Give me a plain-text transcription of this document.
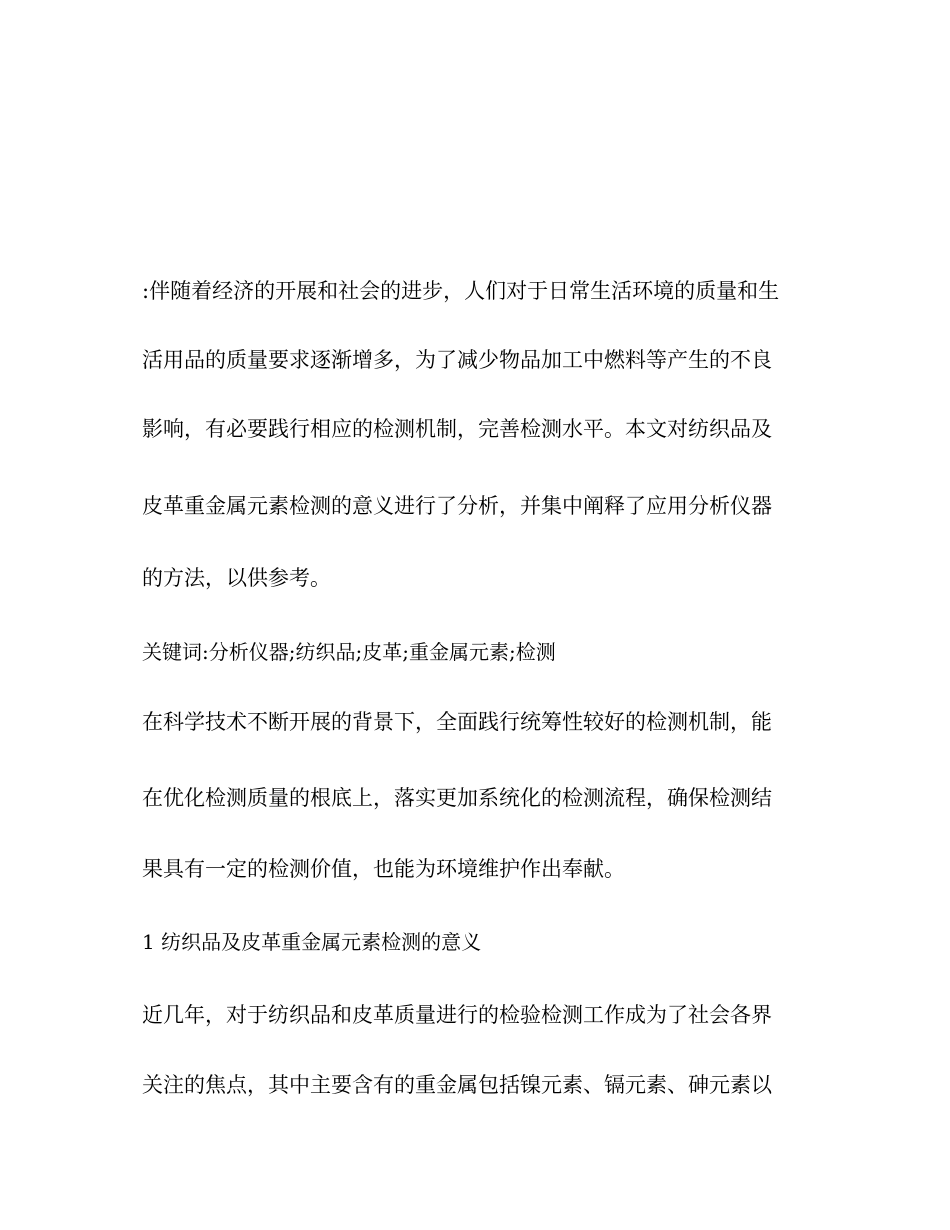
:伴随着经济的开展和社会的进步，人们对于日常生活环境的质量和生

活用品的质量要求逐渐增多，为了减少物品加工中燃料等产生的不良

影响，有必要践行相应的检测机制，完善检测水平。本文对纺织品及

皮革重金属元素检测的意义进行了分析，并集中阐释了应用分析仪器

的方法，以供参考。

关键词:分析仪器;纺织品;皮革;重金属元素;检测

在科学技术不断开展的背景下，全面践行统筹性较好的检测机制，能

在优化检测质量的根底上，落实更加系统化的检测流程，确保检测结

果具有一定的检测价值，也能为环境维护作出奉献。

1 纺织品及皮革重金属元素检测的意义

近几年，对于纺织品和皮革质量进行的检验检测工作成为了社会各界

关注的焦点，其中主要含有的重金属包括镍元素、镉元素、砷元素以
